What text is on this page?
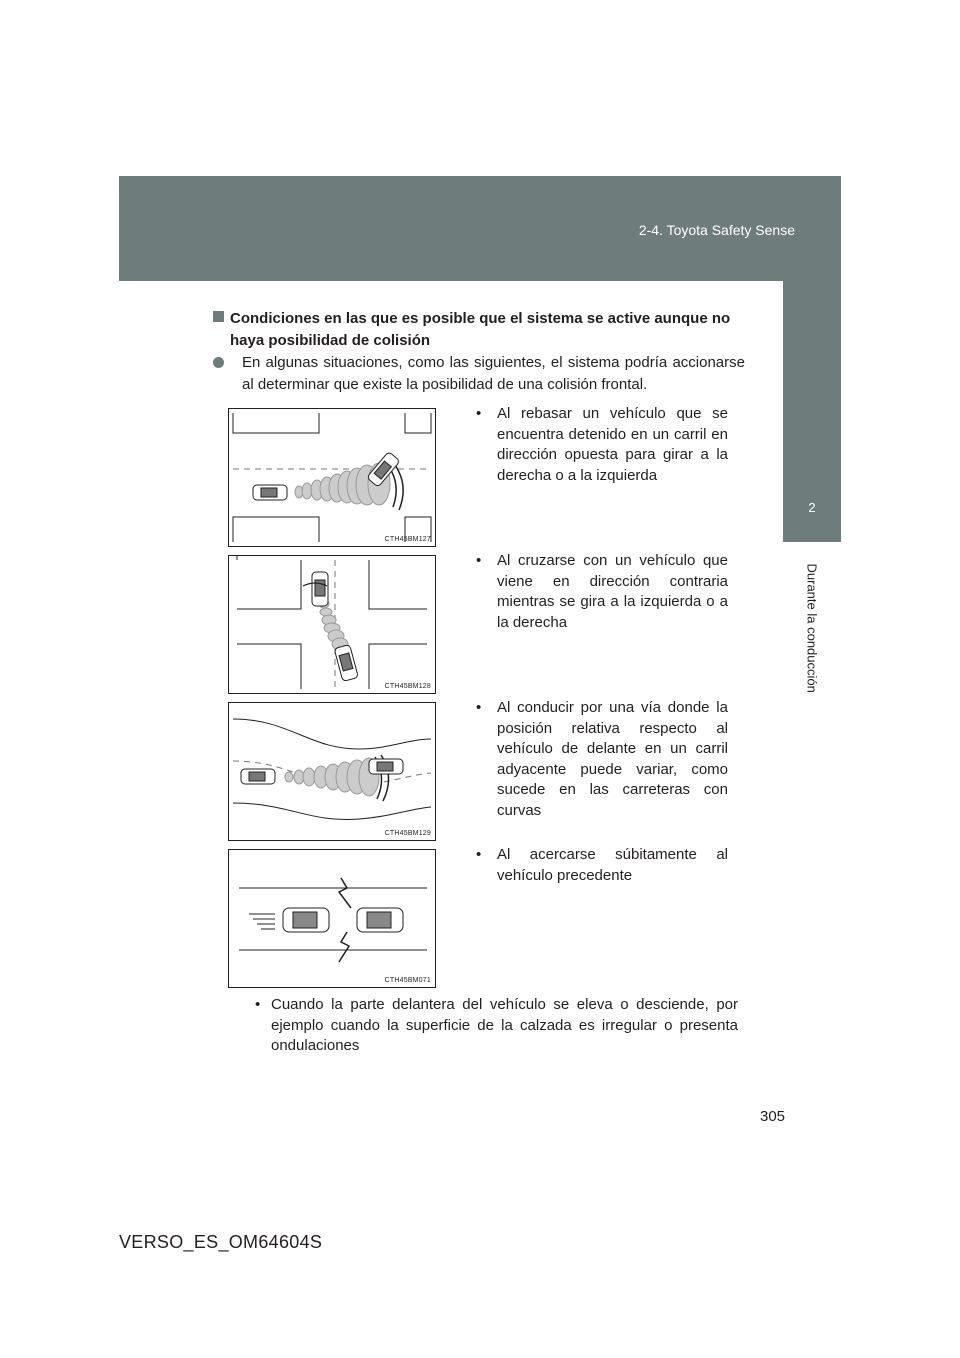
2-4. Toyota Safety Sense
2
Durante la conducción
Condiciones en las que es posible que el sistema se active aunque no haya posibilidad de colisión
En algunas situaciones, como las siguientes, el sistema podría accionarse al determinar que existe la posibilidad de una colisión frontal.
CTH45BM127
CTH45BM128
CTH45BM129
CTH45BM071
•	Al rebasar un vehículo que se encuentra detenido en un carril en dirección opuesta para girar a la derecha o a la izquierda
•	Al cruzarse con un vehículo que viene en dirección contraria mientras se gira a la izquierda o a la derecha
•	Al conducir por una vía donde la posición relativa respecto al vehículo de delante en un carril adyacente puede variar, como sucede en las carreteras con curvas
•	Al acercarse súbitamente al vehículo precedente
• Cuando la parte delantera del vehículo se eleva o desciende, por ejemplo cuando la superficie de la calzada es irregular o presenta ondulaciones
305
VERSO_ES_OM64604S
